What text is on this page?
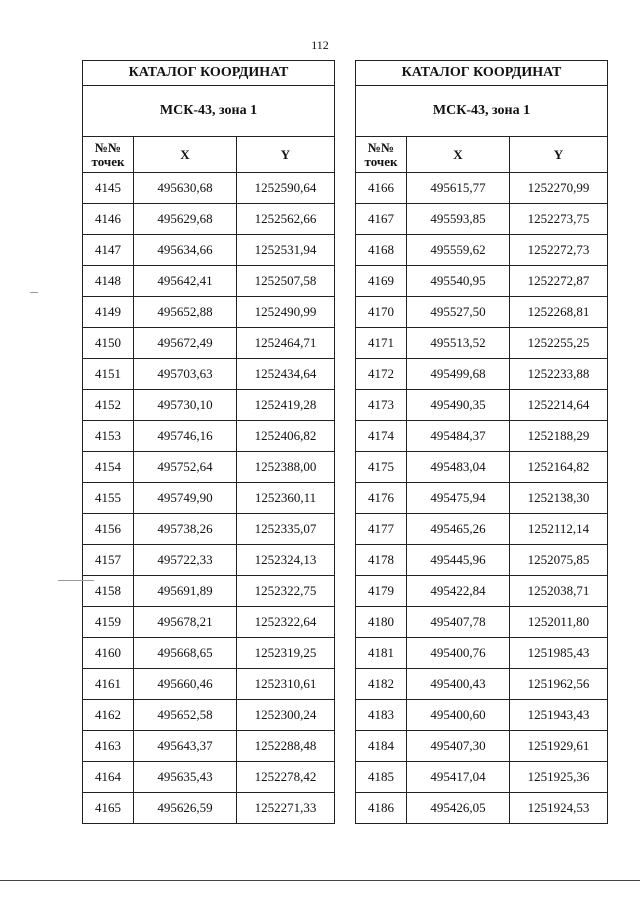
112
КАТАЛОГ КООРДИНАТ		
МСК-43, зона 1		
№№
точек	X	Y
4145	495630,68	1252590,64
4146	495629,68	1252562,66
4147	495634,66	1252531,94
4148	495642,41	1252507,58
4149	495652,88	1252490,99
4150	495672,49	1252464,71
4151	495703,63	1252434,64
4152	495730,10	1252419,28
4153	495746,16	1252406,82
4154	495752,64	1252388,00
4155	495749,90	1252360,11
4156	495738,26	1252335,07
4157	495722,33	1252324,13
4158	495691,89	1252322,75
4159	495678,21	1252322,64
4160	495668,65	1252319,25
4161	495660,46	1252310,61
4162	495652,58	1252300,24
4163	495643,37	1252288,48
4164	495635,43	1252278,42
4165	495626,59	1252271,33
КАТАЛОГ КООРДИНАТ		
МСК-43, зона 1		
№№
точек	X	Y
4166	495615,77	1252270,99
4167	495593,85	1252273,75
4168	495559,62	1252272,73
4169	495540,95	1252272,87
4170	495527,50	1252268,81
4171	495513,52	1252255,25
4172	495499,68	1252233,88
4173	495490,35	1252214,64
4174	495484,37	1252188,29
4175	495483,04	1252164,82
4176	495475,94	1252138,30
4177	495465,26	1252112,14
4178	495445,96	1252075,85
4179	495422,84	1252038,71
4180	495407,78	1252011,80
4181	495400,76	1251985,43
4182	495400,43	1251962,56
4183	495400,60	1251943,43
4184	495407,30	1251929,61
4185	495417,04	1251925,36
4186	495426,05	1251924,53
